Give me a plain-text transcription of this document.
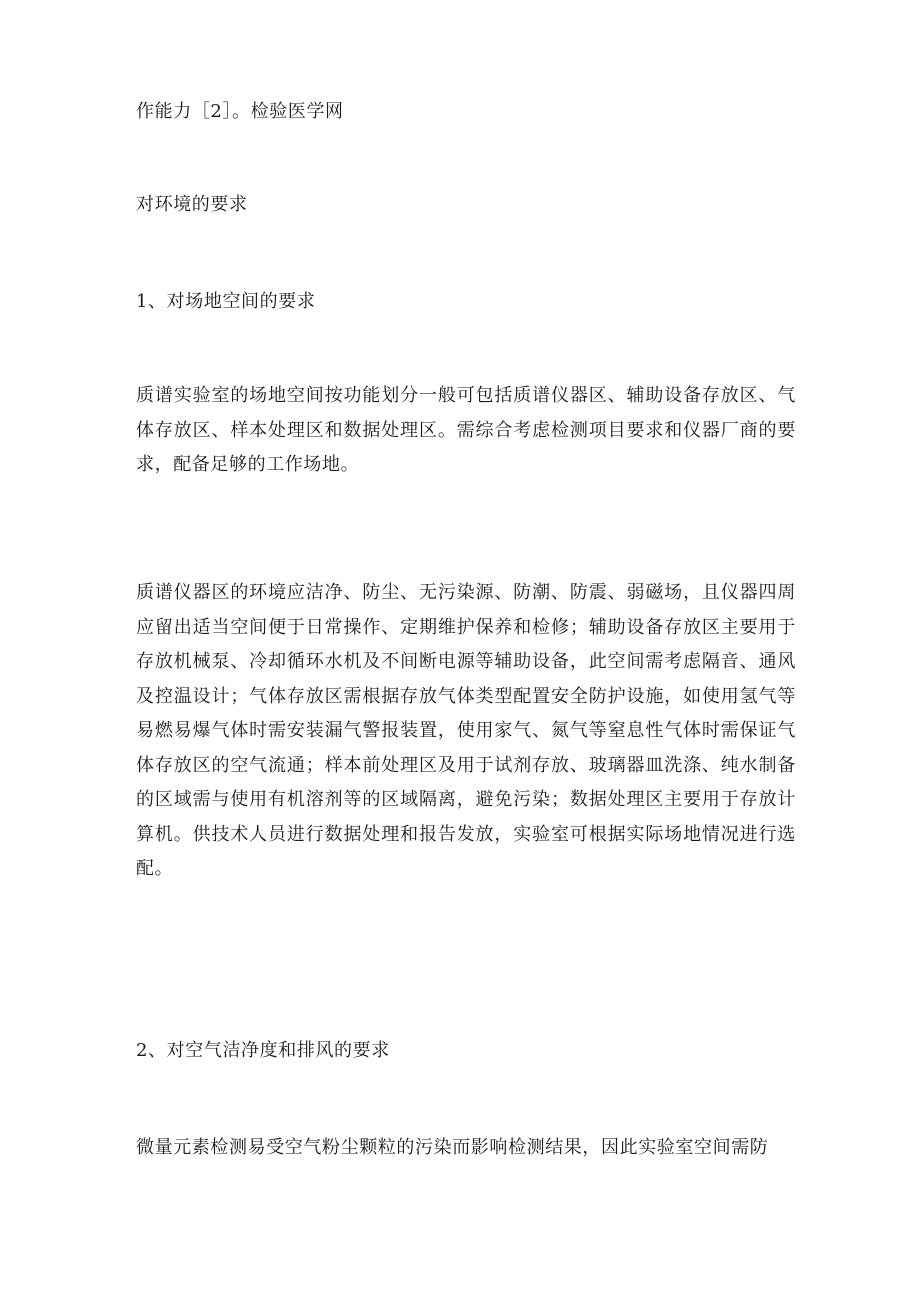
作能力［2］。检验医学网

对环境的要求

1、对场地空间的要求

质谱实验室的场地空间按功能划分一般可包括质谱仪器区、辅助设备存放区、气体存放区、样本处理区和数据处理区。需综合考虑检测项目要求和仪器厂商的要求，配备足够的工作场地。

质谱仪器区的环境应洁净、防尘、无污染源、防潮、防震、弱磁场，且仪器四周应留出适当空间便于日常操作、定期维护保养和检修；辅助设备存放区主要用于存放机械泵、冷却循环水机及不间断电源等辅助设备，此空间需考虑隔音、通风及控温设计；气体存放区需根据存放气体类型配置安全防护设施，如使用氢气等易燃易爆气体时需安装漏气警报装置，使用家气、氮气等窒息性气体时需保证气体存放区的空气流通；样本前处理区及用于试剂存放、玻璃器皿洗涤、纯水制备的区域需与使用有机溶剂等的区域隔离，避免污染；数据处理区主要用于存放计算机。供技术人员进行数据处理和报告发放，实验室可根据实际场地情况进行选配。

2、对空气洁净度和排风的要求

微量元素检测易受空气粉尘颗粒的污染而影响检测结果，因此实验室空间需防
